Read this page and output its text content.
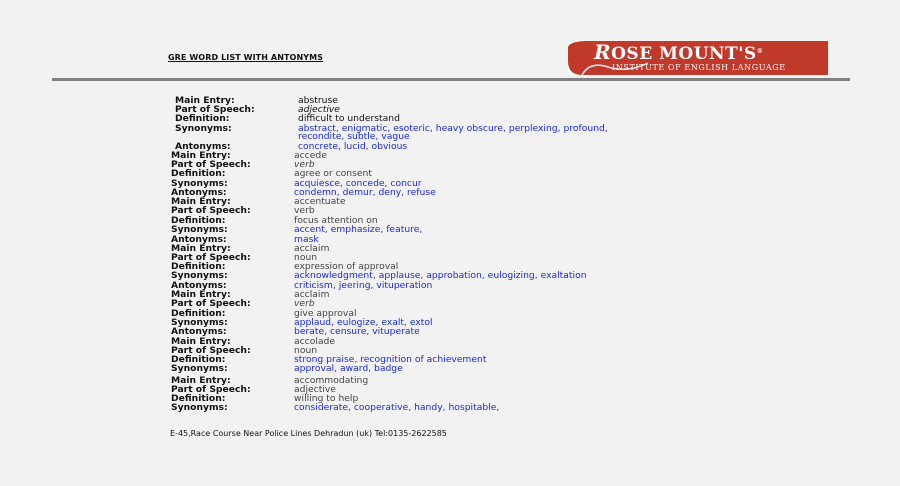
GRE WORD LIST WITH ANTONYMS	ROSE MOUNT'S®
INSTITUTE OF ENGLISH LANGUAGE
Main Entry:	abstruse
Part of Speech:	adjective
Definition:	difficult to understand
Synonyms:	abstract, enigmatic, esoteric, heavy obscure, perplexing, profound,
recondite, subtle, vague
Antonyms:	concrete, lucid, obvious
Main Entry:	accede
Part of Speech:	verb
Definition:	agree or consent
Synonyms:	acquiesce, concede, concur
Antonyms:	condemn, demur, deny, refuse
Main Entry:	accentuate
Part of Speech:	verb
Definition:	focus attention on
Synonyms:	accent, emphasize, feature,
Antonyms:	mask
Main Entry:	acclaim
Part of Speech:	noun
Definition:	expression of approval
Synonyms:	acknowledgment, applause, approbation, eulogizing, exaltation
Antonyms:	criticism, jeering, vituperation
Main Entry:	acclaim
Part of Speech:	verb
Definition:	give approval
Synonyms:	applaud, eulogize, exalt, extol
Antonyms:	berate, censure, vituperate
Main Entry:	accolade
Part of Speech:	noun
Definition:	strong praise, recognition of achievement
Synonyms:	approval, award, badge
Main Entry:	accommodating
Part of Speech:	adjective
Definition:	willing to help
Synonyms:	considerate, cooperative, handy, hospitable,
E-45,Race Course Near Police Lines Dehradun (uk) Tel:0135-2622585
